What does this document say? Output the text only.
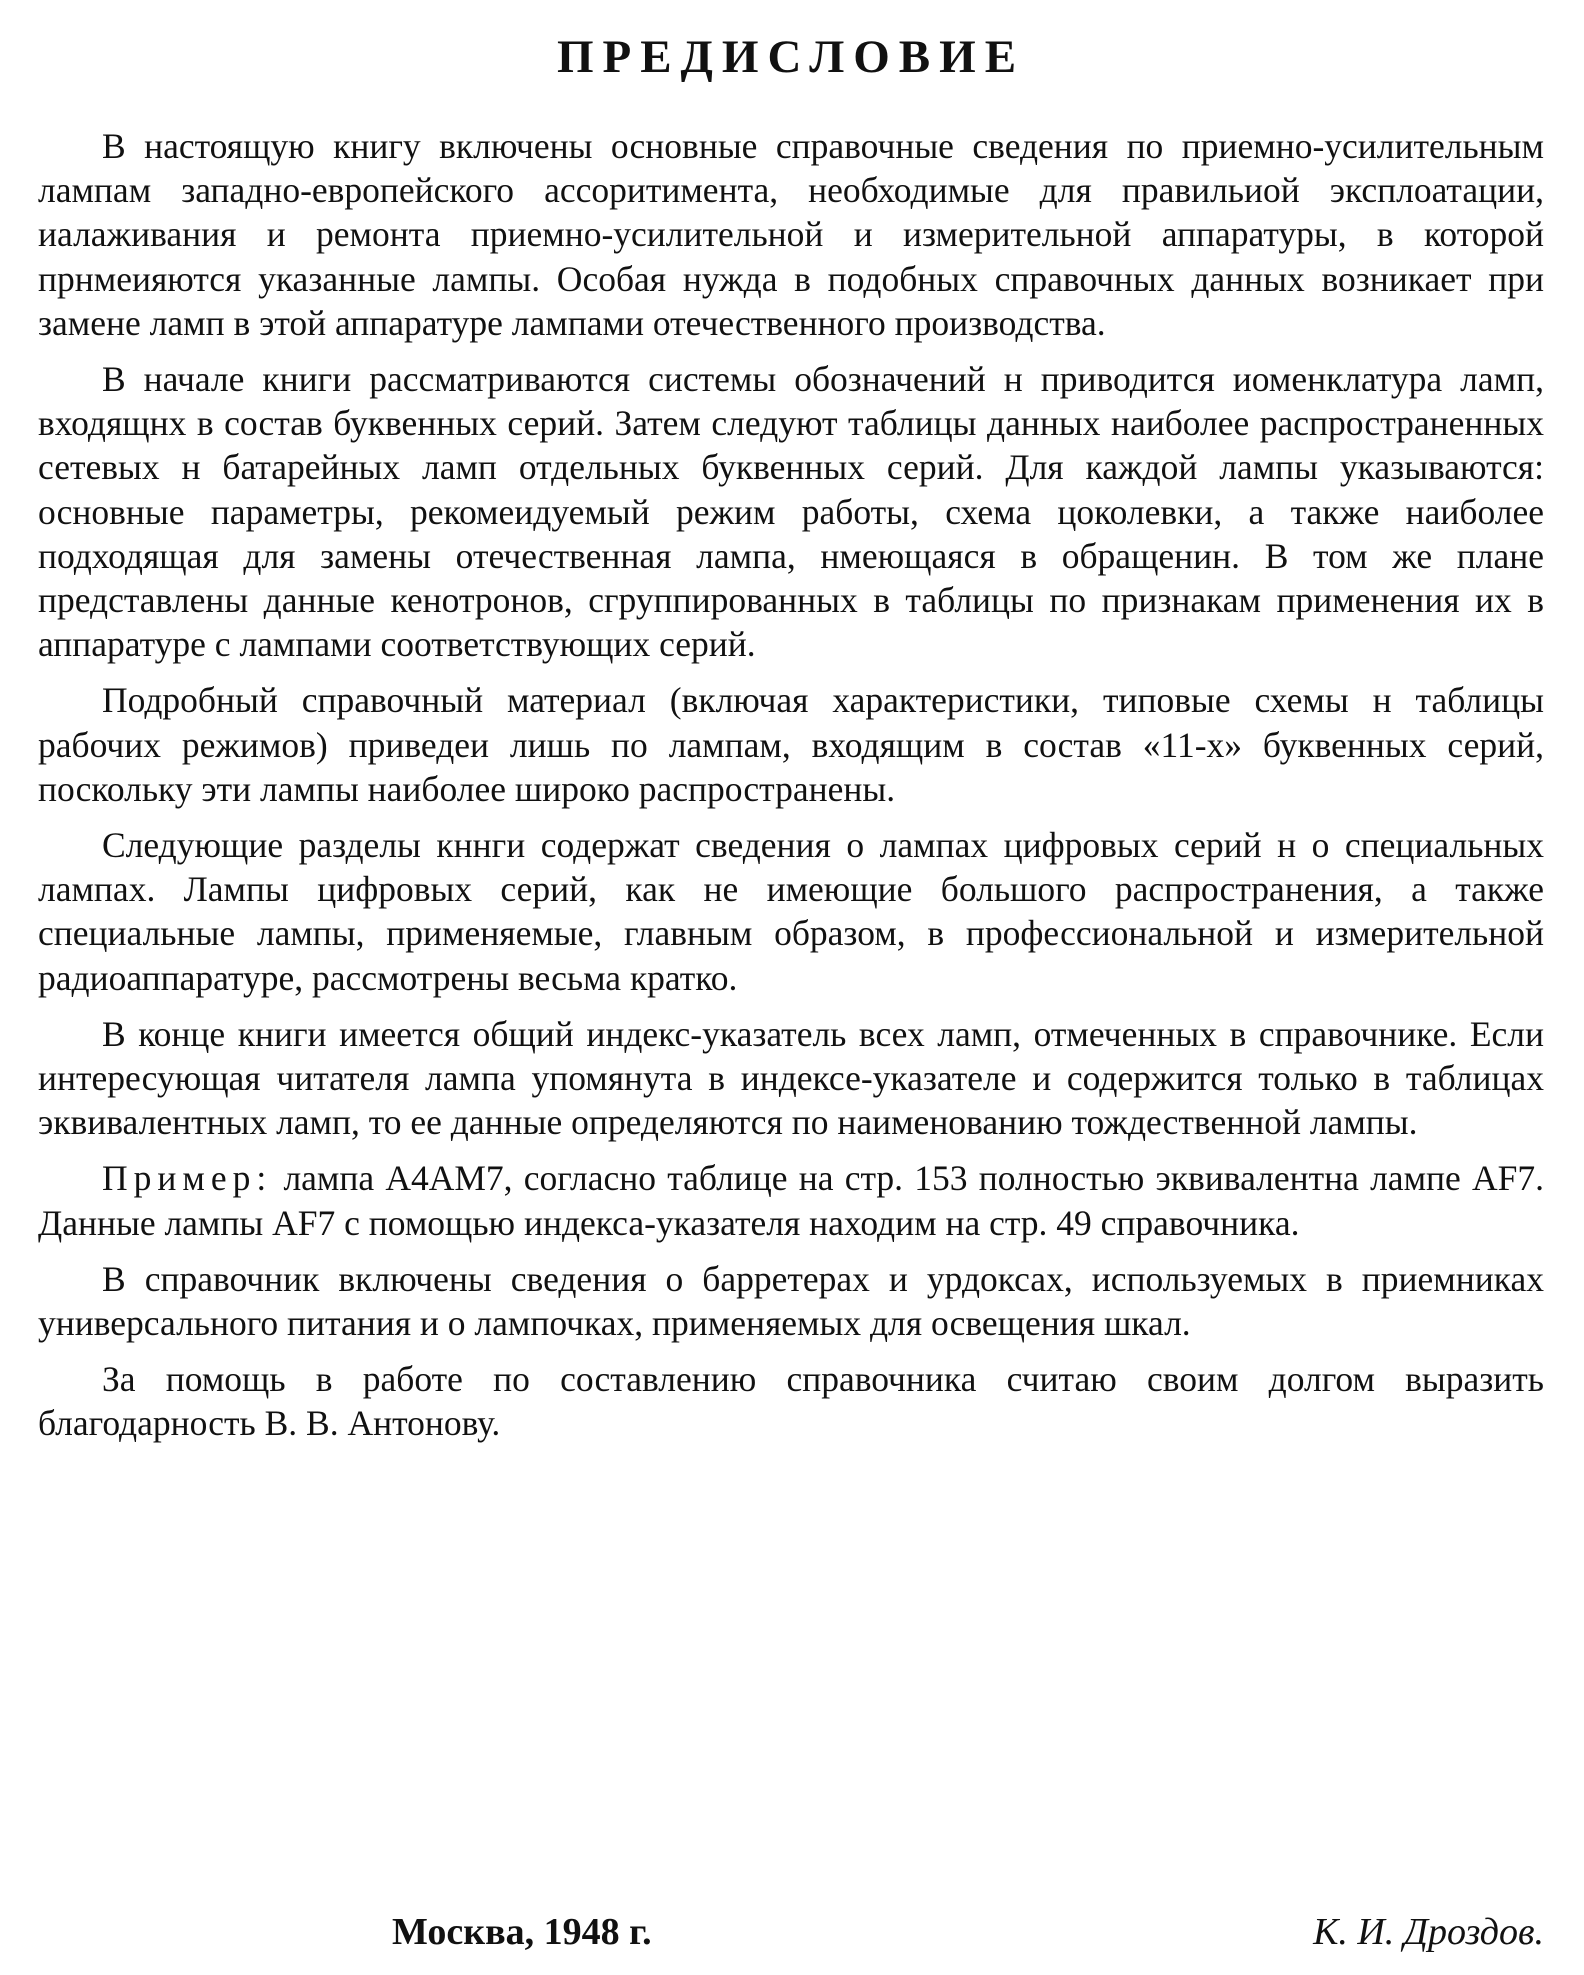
ПРЕДИСЛОВИЕ

В настоящую книгу включены основные справочные сведения по приемно-усилительным лампам западно-европейского ассоритимента, необходимые для правильиой эксплоатации, иалаживания и ремонта приемно-усилительной и измерительной аппаратуры, в которой прнмеияются указанные лампы. Особая нужда в подобных справочных данных возникает при замене ламп в этой аппаратуре лампами отечественного производства.

В начале книги рассматриваются системы обозначений н приводится иоменклатура ламп, входящнх в состав буквенных серий. Затем следуют таблицы данных наиболее распространенных сетевых н батарейных ламп отдельных буквенных серий. Для каждой лампы указываются: основные параметры, рекомеидуемый режим работы, схема цоколевки, а также наиболее подходящая для замены отечественная лампа, нмеющаяся в обращенин. В том же плане представлены данные кенотронов, сгруппированных в таблицы по признакам применения их в аппаратуре с лампами соответствующих серий.

Подробный справочный материал (включая характеристики, типовые схемы н таблицы рабочих режимов) приведеи лишь по лампам, входящим в состав «11-х» буквенных серий, поскольку эти лампы наиболее широко распространены.

Следующие разделы кннги содержат сведения о лампах цифровых серий н о специальных лампах. Лампы цифровых серий, как не имеющие большого распространения, а также специальные лампы, применяемые, главным образом, в профессиональной и измерительной радиоаппаратуре, рассмотрены весьма кратко.

В конце книги имеется общий индекс-указатель всех ламп, отмеченных в справочнике. Если интересующая читателя лампа упомянута в индексе-указателе и содержится только в таблицах эквивалентных ламп, то ее данные определяются по наименованию тождественной лампы.

Пример: лампа A4AM7, согласно таблице на стр. 153 полностью эквивалентна лампе AF7. Данные лампы AF7 с помощью индекса-указателя находим на стр. 49 справочника.

В справочник включены сведения о барретерах и урдоксах, используемых в приемниках универсального питания и о лампочках, применяемых для освещения шкал.

За помощь в работе по составлению справочника считаю своим долгом выразить благодарность В. В. Антонову.

Москва, 1948 г.	К. И. Дроздов.
